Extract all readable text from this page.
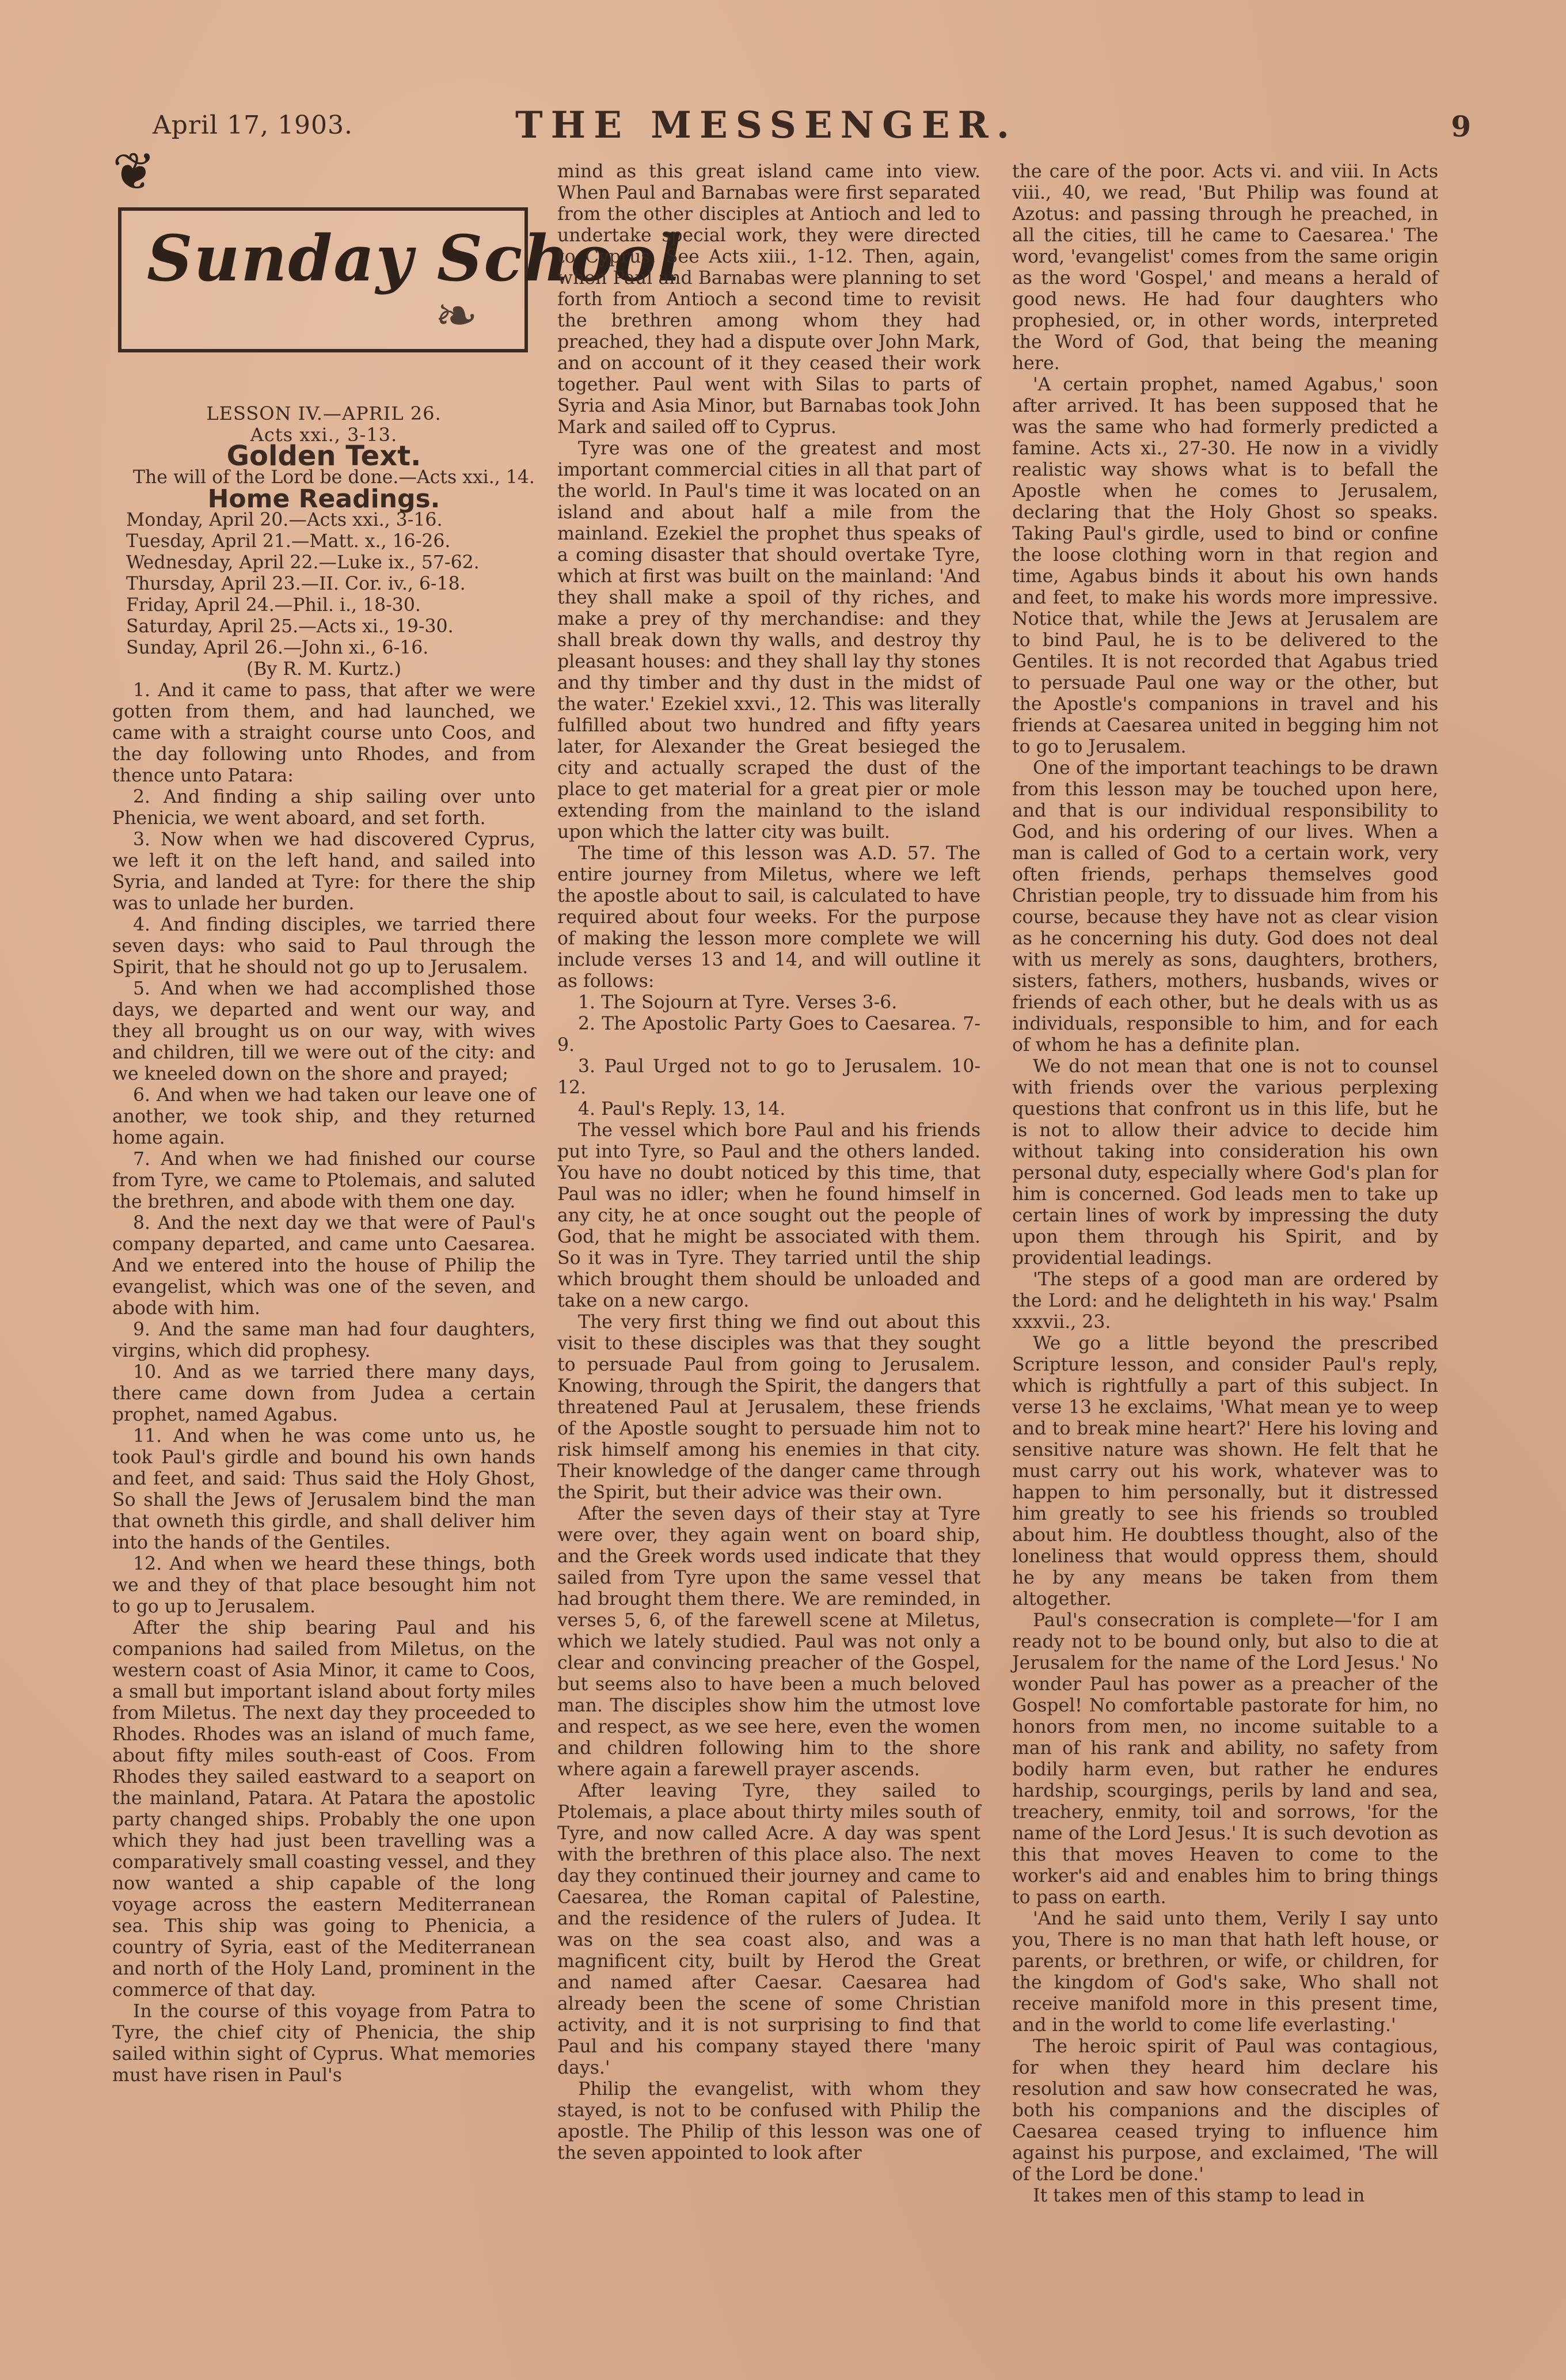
April 17, 1903.	THE MESSENGER.	9
❦
❧
Sunday School

LESSON IV.—APRIL 26.

Acts xxi., 3-13.

Golden Text.

The will of the Lord be done.—Acts xxi., 14.

Home Readings.

Monday, April 20.—Acts xxi., 3-16.

Tuesday, April 21.—Matt. x., 16-26.

Wednesday, April 22.—Luke ix., 57-62.

Thursday, April 23.—II. Cor. iv., 6-18.

Friday, April 24.—Phil. i., 18-30.

Saturday, April 25.—Acts xi., 19-30.

Sunday, April 26.—John xi., 6-16.

(By R. M. Kurtz.)

1. And it came to pass, that after we were gotten from them, and had launched, we came with a straight course unto Coos, and the day following unto Rhodes, and from thence unto Patara:

2. And finding a ship sailing over unto Phenicia, we went aboard, and set forth.

3. Now when we had discovered Cyprus, we left it on the left hand, and sailed into Syria, and landed at Tyre: for there the ship was to unlade her burden.

4. And finding disciples, we tarried there seven days: who said to Paul through the Spirit, that he should not go up to Jerusalem.

5. And when we had accomplished those days, we departed and went our way, and they all brought us on our way, with wives and children, till we were out of the city: and we kneeled down on the shore and prayed;

6. And when we had taken our leave one of another, we took ship, and they returned home again.

7. And when we had finished our course from Tyre, we came to Ptolemais, and saluted the brethren, and abode with them one day.

8. And the next day we that were of Paul's company departed, and came unto Caesarea. And we entered into the house of Philip the evangelist, which was one of the seven, and abode with him.

9. And the same man had four daughters, virgins, which did prophesy.

10. And as we tarried there many days, there came down from Judea a certain prophet, named Agabus.

11. And when he was come unto us, he took Paul's girdle and bound his own hands and feet, and said: Thus said the Holy Ghost, So shall the Jews of Jerusalem bind the man that owneth this girdle, and shall deliver him into the hands of the Gentiles.

12. And when we heard these things, both we and they of that place besought him not to go up to Jerusalem.

After the ship bearing Paul and his companions had sailed from Miletus, on the western coast of Asia Minor, it came to Coos, a small but important island about forty miles from Miletus. The next day they proceeded to Rhodes. Rhodes was an island of much fame, about fifty miles south-east of Coos. From Rhodes they sailed eastward to a seaport on the mainland, Patara. At Patara the apostolic party changed ships. Probably the one upon which they had just been travelling was a comparatively small coasting vessel, and they now wanted a ship capable of the long voyage across the eastern Mediterranean sea. This ship was going to Phenicia, a country of Syria, east of the Mediterranean and north of the Holy Land, prominent in the commerce of that day.

In the course of this voyage from Patra to Tyre, the chief city of Phenicia, the ship sailed within sight of Cyprus. What memories must have risen in Paul's

mind as this great island came into view. When Paul and Barnabas were first separated from the other disciples at Antioch and led to undertake special work, they were directed to Cyprus. See Acts xiii., 1-12. Then, again, when Paul and Barnabas were planning to set forth from Antioch a second time to revisit the brethren among whom they had preached, they had a dispute over John Mark, and on account of it they ceased their work together. Paul went with Silas to parts of Syria and Asia Minor, but Barnabas took John Mark and sailed off to Cyprus.

Tyre was one of the greatest and most important commercial cities in all that part of the world. In Paul's time it was located on an island and about half a mile from the mainland. Ezekiel the prophet thus speaks of a coming disaster that should overtake Tyre, which at first was built on the mainland: 'And they shall make a spoil of thy riches, and make a prey of thy merchandise: and they shall break down thy walls, and destroy thy pleasant houses: and they shall lay thy stones and thy timber and thy dust in the midst of the water.' Ezekiel xxvi., 12. This was literally fulfilled about two hundred and fifty years later, for Alexander the Great besieged the city and actually scraped the dust of the place to get material for a great pier or mole extending from the mainland to the island upon which the latter city was built.

The time of this lesson was A.D. 57. The entire journey from Miletus, where we left the apostle about to sail, is calculated to have required about four weeks. For the purpose of making the lesson more complete we will include verses 13 and 14, and will outline it as follows:

1. The Sojourn at Tyre. Verses 3-6.

2. The Apostolic Party Goes to Caesarea. 7-9.

3. Paul Urged not to go to Jerusalem. 10-12.

4. Paul's Reply. 13, 14.

The vessel which bore Paul and his friends put into Tyre, so Paul and the others landed. You have no doubt noticed by this time, that Paul was no idler; when he found himself in any city, he at once sought out the people of God, that he might be associated with them. So it was in Tyre. They tarried until the ship which brought them should be unloaded and take on a new cargo.

The very first thing we find out about this visit to these disciples was that they sought to persuade Paul from going to Jerusalem. Knowing, through the Spirit, the dangers that threatened Paul at Jerusalem, these friends of the Apostle sought to persuade him not to risk himself among his enemies in that city. Their knowledge of the danger came through the Spirit, but their advice was their own.

After the seven days of their stay at Tyre were over, they again went on board ship, and the Greek words used indicate that they sailed from Tyre upon the same vessel that had brought them there. We are reminded, in verses 5, 6, of the farewell scene at Miletus, which we lately studied. Paul was not only a clear and convincing preacher of the Gospel, but seems also to have been a much beloved man. The disciples show him the utmost love and respect, as we see here, even the women and children following him to the shore where again a farewell prayer ascends.

After leaving Tyre, they sailed to Ptolemais, a place about thirty miles south of Tyre, and now called Acre. A day was spent with the brethren of this place also. The next day they continued their journey and came to Caesarea, the Roman capital of Palestine, and the residence of the rulers of Judea. It was on the sea coast also, and was a magnificent city, built by Herod the Great and named after Caesar. Caesarea had already been the scene of some Christian activity, and it is not surprising to find that Paul and his company stayed there 'many days.'

Philip the evangelist, with whom they stayed, is not to be confused with Philip the apostle. The Philip of this lesson was one of the seven appointed to look after

the care of the poor. Acts vi. and viii. In Acts viii., 40, we read, 'But Philip was found at Azotus: and passing through he preached, in all the cities, till he came to Caesarea.' The word, 'evangelist' comes from the same origin as the word 'Gospel,' and means a herald of good news. He had four daughters who prophesied, or, in other words, interpreted the Word of God, that being the meaning here.

'A certain prophet, named Agabus,' soon after arrived. It has been supposed that he was the same who had formerly predicted a famine. Acts xi., 27-30. He now in a vividly realistic way shows what is to befall the Apostle when he comes to Jerusalem, declaring that the Holy Ghost so speaks. Taking Paul's girdle, used to bind or confine the loose clothing worn in that region and time, Agabus binds it about his own hands and feet, to make his words more impressive. Notice that, while the Jews at Jerusalem are to bind Paul, he is to be delivered to the Gentiles. It is not recorded that Agabus tried to persuade Paul one way or the other, but the Apostle's companions in travel and his friends at Caesarea united in begging him not to go to Jerusalem.

One of the important teachings to be drawn from this lesson may be touched upon here, and that is our individual responsibility to God, and his ordering of our lives. When a man is called of God to a certain work, very often friends, perhaps themselves good Christian people, try to dissuade him from his course, because they have not as clear vision as he concerning his duty. God does not deal with us merely as sons, daughters, brothers, sisters, fathers, mothers, husbands, wives or friends of each other, but he deals with us as individuals, responsible to him, and for each of whom he has a definite plan.

We do not mean that one is not to counsel with friends over the various perplexing questions that confront us in this life, but he is not to allow their advice to decide him without taking into consideration his own personal duty, especially where God's plan for him is concerned. God leads men to take up certain lines of work by impressing the duty upon them through his Spirit, and by providential leadings.

'The steps of a good man are ordered by the Lord: and he delighteth in his way.' Psalm xxxvii., 23.

We go a little beyond the prescribed Scripture lesson, and consider Paul's reply, which is rightfully a part of this subject. In verse 13 he exclaims, 'What mean ye to weep and to break mine heart?' Here his loving and sensitive nature was shown. He felt that he must carry out his work, whatever was to happen to him personally, but it distressed him greatly to see his friends so troubled about him. He doubtless thought, also of the loneliness that would oppress them, should he by any means be taken from them altogether.

Paul's consecration is complete—'for I am ready not to be bound only, but also to die at Jerusalem for the name of the Lord Jesus.' No wonder Paul has power as a preacher of the Gospel! No comfortable pastorate for him, no honors from men, no income suitable to a man of his rank and ability, no safety from bodily harm even, but rather he endures hardship, scourgings, perils by land and sea, treachery, enmity, toil and sorrows, 'for the name of the Lord Jesus.' It is such devotion as this that moves Heaven to come to the worker's aid and enables him to bring things to pass on earth.

'And he said unto them, Verily I say unto you, There is no man that hath left house, or parents, or brethren, or wife, or children, for the kingdom of God's sake, Who shall not receive manifold more in this present time, and in the world to come life everlasting.'

The heroic spirit of Paul was contagious, for when they heard him declare his resolution and saw how consecrated he was, both his companions and the disciples of Caesarea ceased trying to influence him against his purpose, and exclaimed, 'The will of the Lord be done.'

It takes men of this stamp to lead in
